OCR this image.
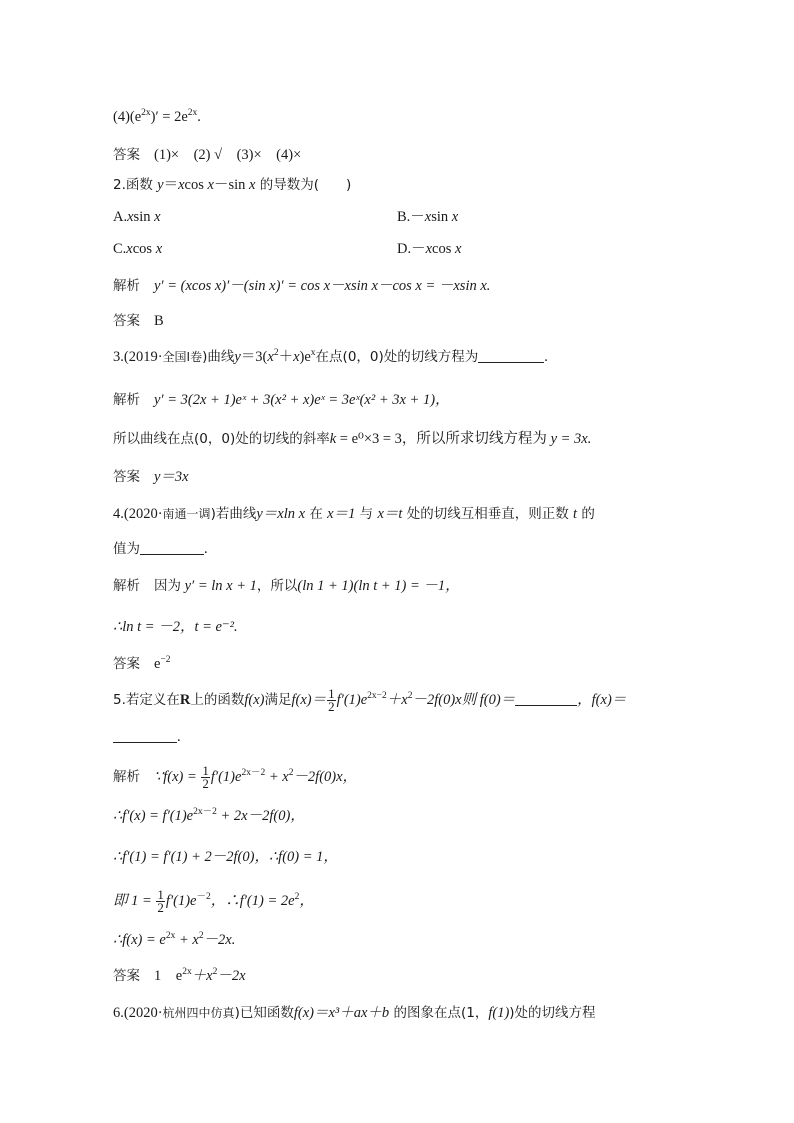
$(4)(e^{2x})' = 2e^{2x}$.
答案 (1)×　(2) √　(3)×　(4)×
2.函数 y＝xcos x－sin x 的导数为(　　)
A.xsin x	B.－xsin x
C.xcos x	D.－xcos x
解析 y′ = (xcos x)′－(sin x)′ = cos x－xsin x－cos x = －xsin x.
答案 B
3.(2019·全国Ⅰ卷)曲线$y=3(x^2+x)e^x$在点(0，0)处的切线方程为	.
解析 y′ = 3(2x + 1)eˣ + 3(x² + x)eˣ = 3eˣ(x² + 3x + 1)，
所以曲线在点(0，0)处的切线的斜率k = e⁰×3 = 3，所以所求切线方程为 y = 3x.
答案 y＝3x
4.(2020·南通一调)若曲线y＝xln x 在 x＝1 与 x＝t 处的切线互相垂直，则正数 t 的
值为	.
解析 因为 y′ = ln x + 1，所以(ln 1 + 1)(ln t + 1) = －1，
∴ln t = －2，t = e⁻².
答案 $e^{-2}$
5.若定义在R上的函数f(x)满足$f(x)= \frac{1}{2} f'(1)e^{2x-2}+x^2-2f(0)x$则 f(0)＝	，f(x)＝
.
解析 ∵f(x) = $\frac{1}{2} f'(1)e^{2x-2} + x^2-2f(0)x$，
∴f′(x) = $f'(1)e^{2x-2} + 2x-2f(0)$，
∴f′(1) = f′(1) + 2－2f(0)，∴f(0) = 1，
即 $1 = \frac{1}{2} f'(1)e^{-2}$，∴f′(1) = $2e^2$，
∴f(x) = $e^{2x} + x^2-2x$.
答案 1　$e^{2x}+x^2-2x$
6.(2020·杭州四中仿真)已知函数f(x)＝x³＋ax＋b 的图象在点(1，f(1))处的切线方程
